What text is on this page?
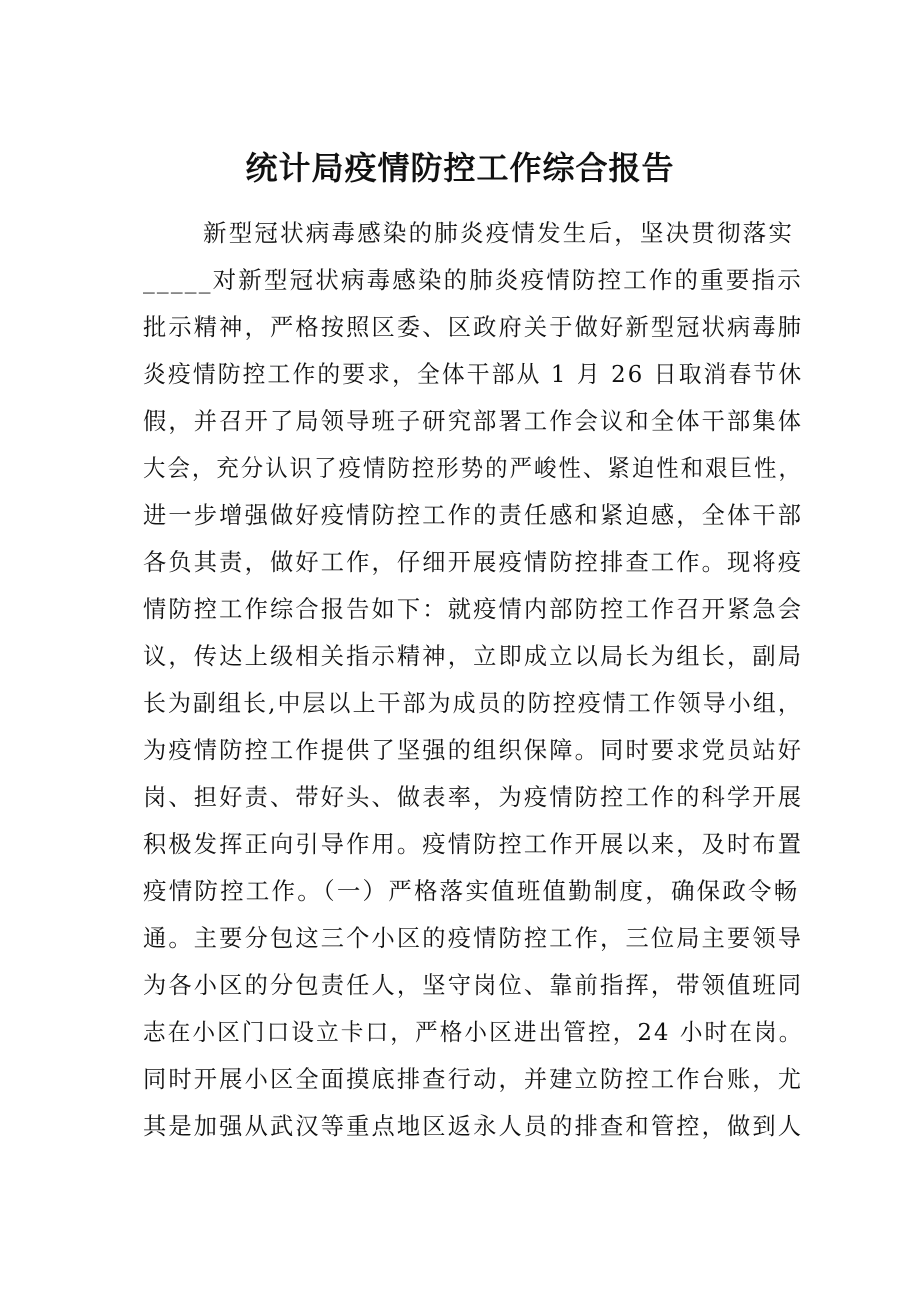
统计局疫情防控工作综合报告
新型冠状病毒感染的肺炎疫情发生后，坚决贯彻落实
_____对新型冠状病毒感染的肺炎疫情防控工作的重要指示
批示精神，严格按照区委、区政府关于做好新型冠状病毒肺
炎疫情防控工作的要求，全体干部从 1 月 26 日取消春节休
假，并召开了局领导班子研究部署工作会议和全体干部集体
大会，充分认识了疫情防控形势的严峻性、紧迫性和艰巨性，
进一步增强做好疫情防控工作的责任感和紧迫感，全体干部
各负其责，做好工作，仔细开展疫情防控排查工作。现将疫
情防控工作综合报告如下：就疫情内部防控工作召开紧急会
议，传达上级相关指示精神，立即成立以局长为组长，副局
长为副组长,中层以上干部为成员的防控疫情工作领导小组，
为疫情防控工作提供了坚强的组织保障。同时要求党员站好
岗、担好责、带好头、做表率，为疫情防控工作的科学开展
积极发挥正向引导作用。疫情防控工作开展以来，及时布置
疫情防控工作。（一）严格落实值班值勤制度，确保政令畅
通。主要分包这三个小区的疫情防控工作，三位局主要领导
为各小区的分包责任人，坚守岗位、靠前指挥，带领值班同
志在小区门口设立卡口，严格小区进出管控，24 小时在岗。
同时开展小区全面摸底排查行动，并建立防控工作台账，尤
其是加强从武汉等重点地区返永人员的排查和管控，做到人
